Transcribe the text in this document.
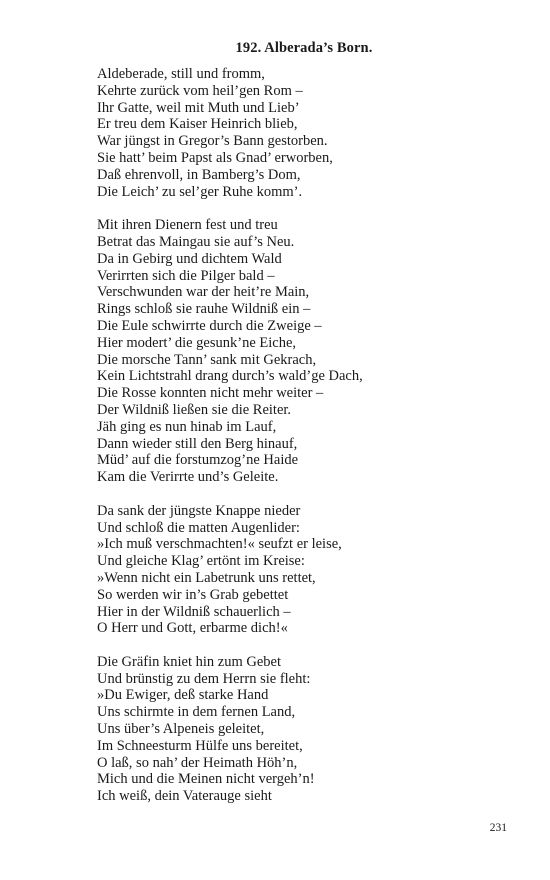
192. Alberada’s Born.
Aldeberade, still und fromm,
Kehrte zurück vom heil’gen Rom –
Ihr Gatte, weil mit Muth und Lieb’
Er treu dem Kaiser Heinrich blieb,
War jüngst in Gregor’s Bann gestorben.
Sie hatt’ beim Papst als Gnad’ erworben,
Daß ehrenvoll, in Bamberg’s Dom,
Die Leich’ zu sel’ger Ruhe komm’.
Mit ihren Dienern fest und treu
Betrat das Maingau sie auf’s Neu.
Da in Gebirg und dichtem Wald
Verirrten sich die Pilger bald –
Verschwunden war der heit’re Main,
Rings schloß sie rauhe Wildniß ein –
Die Eule schwirrte durch die Zweige –
Hier modert’ die gesunk’ne Eiche,
Die morsche Tann’ sank mit Gekrach,
Kein Lichtstrahl drang durch’s wald’ge Dach,
Die Rosse konnten nicht mehr weiter –
Der Wildniß ließen sie die Reiter.
Jäh ging es nun hinab im Lauf,
Dann wieder still den Berg hinauf,
Müd’ auf die forstumzog’ne Haide
Kam die Verirrte und’s Geleite.
Da sank der jüngste Knappe nieder
Und schloß die matten Augenlider:
»Ich muß verschmachten!« seufzt er leise,
Und gleiche Klag’ ertönt im Kreise:
»Wenn nicht ein Labetrunk uns rettet,
So werden wir in’s Grab gebettet
Hier in der Wildniß schauerlich –
O Herr und Gott, erbarme dich!«
Die Gräfin kniet hin zum Gebet
Und brünstig zu dem Herrn sie fleht:
»Du Ewiger, deß starke Hand
Uns schirmte in dem fernen Land,
Uns über’s Alpeneis geleitet,
Im Schneesturm Hülfe uns bereitet,
O laß, so nah’ der Heimath Höh’n,
Mich und die Meinen nicht vergeh’n!
Ich weiß, dein Vaterauge sieht
231
